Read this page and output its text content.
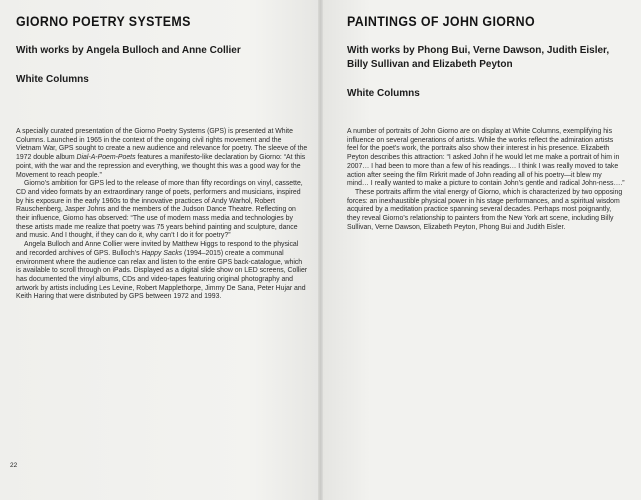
GIORNO POETRY SYSTEMS
With works by Angela Bulloch and Anne Collier
White Columns

A specially curated presentation of the Giorno Poetry Systems (GPS) is presented at White Columns. Launched in 1965 in the context of the ongoing civil rights movement and the Vietnam War, GPS sought to create a new audience and relevance for poetry. The sleeve of the 1972 double album Dial-A-Poem-Poets features a manifesto-like declaration by Giorno: “At this point, with the war and the repression and everything, we thought this was a good way for the Movement to reach people.”

Giorno’s ambition for GPS led to the release of more than fifty recordings on vinyl, cassette, CD and video formats by an extraordinary range of poets, performers and musicians, inspired by his exposure in the early 1960s to the innovative practices of Andy Warhol, Robert Rauschenberg, Jasper Johns and the members of the Judson Dance Theatre. Reflecting on their influence, Giorno has observed: “The use of modern mass media and technologies by these artists made me realize that poetry was 75 years behind painting and sculpture, dance and music. And I thought, if they can do it, why can’t I do it for poetry?”

Angela Bulloch and Anne Collier were invited by Matthew Higgs to respond to the physical and recorded archives of GPS. Bulloch’s Happy Sacks (1994–2015) create a communal environment where the audience can relax and listen to the entire GPS back-catalogue, which is available to scroll through on iPads. Displayed as a digital slide show on LED screens, Collier has documented the vinyl albums, CDs and video-tapes featuring original photography and artwork by artists including Les Levine, Robert Mapplethorpe, Jimmy De Sana, Peter Hujar and Keith Haring that were distributed by GPS between 1972 and 1993.

22
PAINTINGS OF JOHN GIORNO
With works by Phong Bui, Verne Dawson, Judith Eisler,
Billy Sullivan and Elizabeth Peyton
White Columns

A number of portraits of John Giorno are on display at White Columns, exemplifying his influence on several generations of artists. While the works reflect the admiration artists feel for the poet’s work, the portraits also show their interest in his presence. Elizabeth Peyton describes this attraction: “I asked John if he would let me make a portrait of him in 2007… I had been to more than a few of his readings… I think I was really moved to take action after seeing the film Rirkrit made of John reading all of his poetry—it blew my mind… I really wanted to make a picture to contain John’s gentle and radical John-ness….”

These portraits affirm the vital energy of Giorno, which is characterized by two opposing forces: an inexhaustible physical power in his stage performances, and a spiritual wisdom acquired by a meditation practice spanning several decades. Perhaps most poignantly, they reveal Giorno’s relationship to painters from the New York art scene, including Billy Sullivan, Verne Dawson, Elizabeth Peyton, Phong Bui and Judith Eisler.
